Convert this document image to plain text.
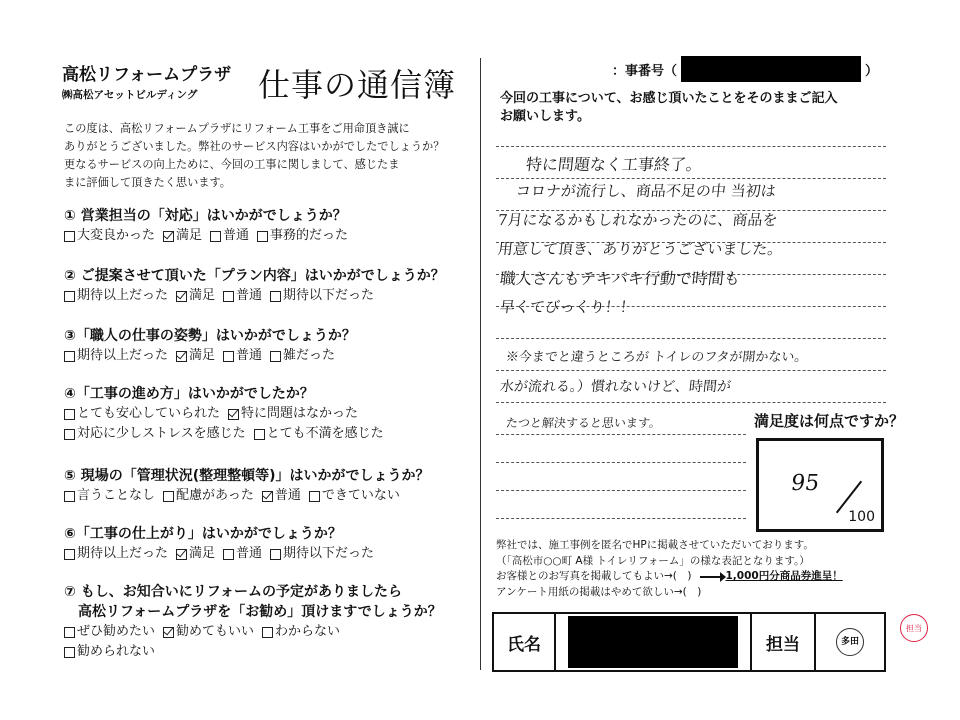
高松リフォームプラザ
㈱高松アセットビルディング	仕事の通信簿

この度は、高松リフォームプラザにリフォーム工事をご用命頂き誠に

ありがとうございました。弊社のサービス内容はいかがでしたでしょうか？

更なるサービスの向上ために、今回の工事に関しまして、感じたま

まに評価して頂きたく思います。

① 営業担当の「対応」はいかがでしょうか？
大変良かった 満足 普通 事務的だった
② ご提案させて頂いた「プラン内容」はいかがでしょうか？
期待以上だった 満足 普通 期待以下だった
③「職人の仕事の姿勢」はいかがでしょうか？
期待以上だった 満足 普通 雑だった
④「工事の進め方」はいかがでしたか？
とても安心していられた 特に問題はなかった
対応に少しストレスを感じた とても不満を感じた
⑤ 現場の「管理状況(整理整頓等)」はいかがでしょうか？
言うことなし 配慮があった 普通 できていない
⑥「工事の仕上がり」はいかがでしょうか？
期待以上だった 満足 普通 期待以下だった
⑦ もし、お知合いにリフォームの予定がありましたら
高松リフォームプラザを「お勧め」頂けますでしょうか？
ぜひ勧めたい 勧めてもいい わからない
勧められない
：事番号（	）

今回の工事について、お感じ頂いたことをそのままご記入

お願いします。

特に問題なく工事終了。
コロナが流行し、商品不足の中 当初は
7月になるかもしれなかったのに、商品を
用意して頂き、ありがとうございました。
職人さんもテキパキ行動で時間も
早くてびっくり！！
※今までと違うところが トイレのフタが開かない。
水が流れる。）慣れないけど、時間が
たつと解決すると思います。	満足度は何点ですか？
95
100

弊社では、施工事例を匿名でHPに掲載させていただいております。

（「高松市○○町 A様 トイレリフォーム」の様な表記となります。）

お客様とのお写真を掲載してもよい→(　)	1,000円分商品券進呈！

アンケート用紙の掲載はやめて欲しい→(　)

氏名	担当	多田
担当
